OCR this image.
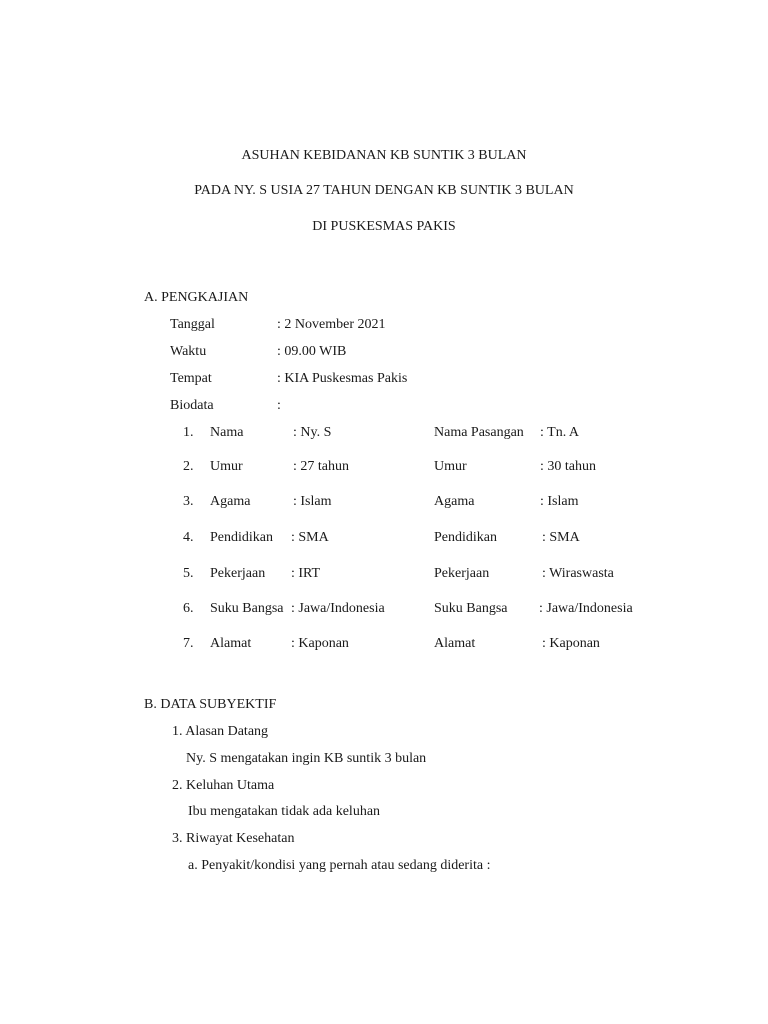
ASUHAN KEBIDANAN KB SUNTIK 3 BULAN
PADA NY. S USIA 27 TAHUN DENGAN KB SUNTIK 3 BULAN
DI PUSKESMAS PAKIS
A. PENGKAJIAN
Tanggal	: 2 November 2021
Waktu	: 09.00 WIB
Tempat	: KIA Puskesmas Pakis
Biodata	:
1. Nama	: Ny. S	Nama Pasangan : Tn. A
2. Umur	: 27 tahun	Umur	: 30 tahun
3. Agama	: Islam	Agama	: Islam
4. Pendidikan : SMA	Pendidikan	: SMA
5. Pekerjaan : IRT	Pekerjaan	: Wiraswasta
6. Suku Bangsa : Jawa/Indonesia	Suku Bangsa : Jawa/Indonesia
7. Alamat	: Kaponan	Alamat	: Kaponan
B. DATA SUBYEKTIF
1. Alasan Datang
Ny. S mengatakan ingin KB suntik 3 bulan
2. Keluhan Utama
Ibu mengatakan tidak ada keluhan
3. Riwayat Kesehatan
a. Penyakit/kondisi yang pernah atau sedang diderita :
